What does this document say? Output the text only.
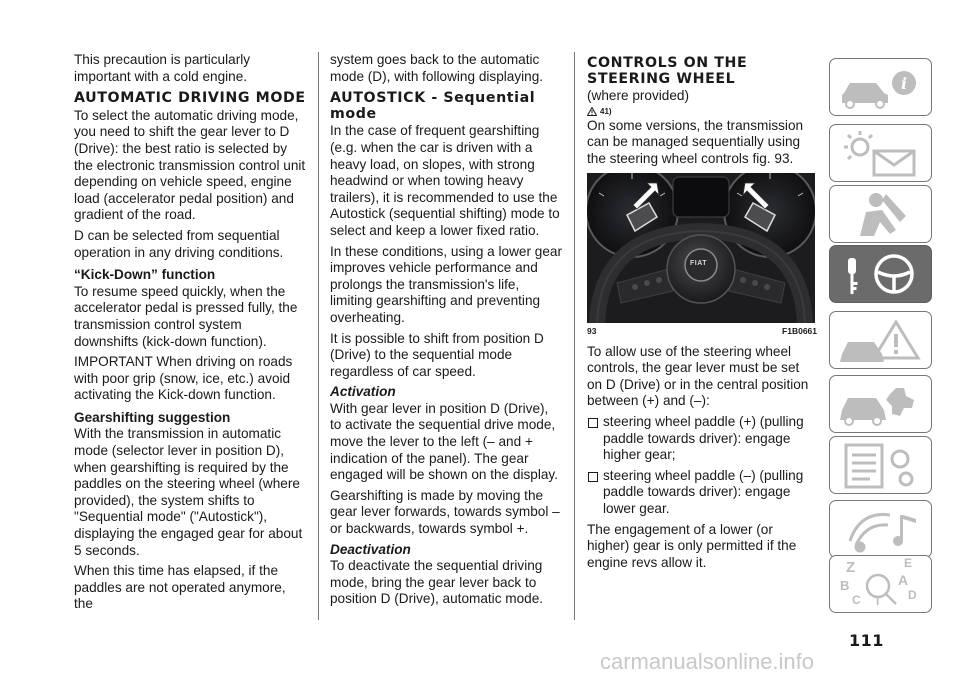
This precaution is particularly important with a cold engine.

AUTOMATIC DRIVING MODE

To select the automatic driving mode, you need to shift the gear lever to D (Drive): the best ratio is selected by the electronic transmission control unit depending on vehicle speed, engine load (accelerator pedal position) and gradient of the road.

D can be selected from sequential operation in any driving conditions.

“Kick-Down” function

To resume speed quickly, when the accelerator pedal is pressed fully, the transmission control system downshifts (kick-down function).

IMPORTANT When driving on roads with poor grip (snow, ice, etc.) avoid activating the Kick-down function.

Gearshifting suggestion

With the transmission in automatic mode (selector lever in position D), when gearshifting is required by the paddles on the steering wheel (where provided), the system shifts to "Sequential mode" ("Autostick"), displaying the engaged gear for about 5 seconds.

When this time has elapsed, if the paddles are not operated anymore, the

system goes back to the automatic mode (D), with following displaying.

AUTOSTICK - Sequential mode

In the case of frequent gearshifting (e.g. when the car is driven with a heavy load, on slopes, with strong headwind or when towing heavy trailers), it is recommended to use the Autostick (sequential shifting) mode to select and keep a lower fixed ratio.

In these conditions, using a lower gear improves vehicle performance and prolongs the transmission's life, limiting gearshifting and preventing overheating.

It is possible to shift from position D (Drive) to the sequential mode regardless of car speed.

Activation

With gear lever in position D (Drive), to activate the sequential drive mode, move the lever to the left (– and + indication of the panel). The gear engaged will be shown on the display.

Gearshifting is made by moving the gear lever forwards, towards symbol – or backwards, towards symbol +.

Deactivation

To deactivate the sequential driving mode, bring the gear lever back to position D (Drive), automatic mode.

CONTROLS ON THE STEERING WHEEL

(where provided)

41)

On some versions, the transmission can be managed sequentially using the steering wheel controls fig. 93.

FIAT
93	F1B0661

To allow use of the steering wheel controls, the gear lever must be set on D (Drive) or in the central position between (+) and (–):

steering wheel paddle (+) (pulling paddle towards driver): engage higher gear;

steering wheel paddle (–) (pulling paddle towards driver): engage lower gear.

The engagement of a lower (or higher) gear is only permitted if the engine revs allow it.

i
Z	E
B	A
C T D
111
carmanualsonline.info
